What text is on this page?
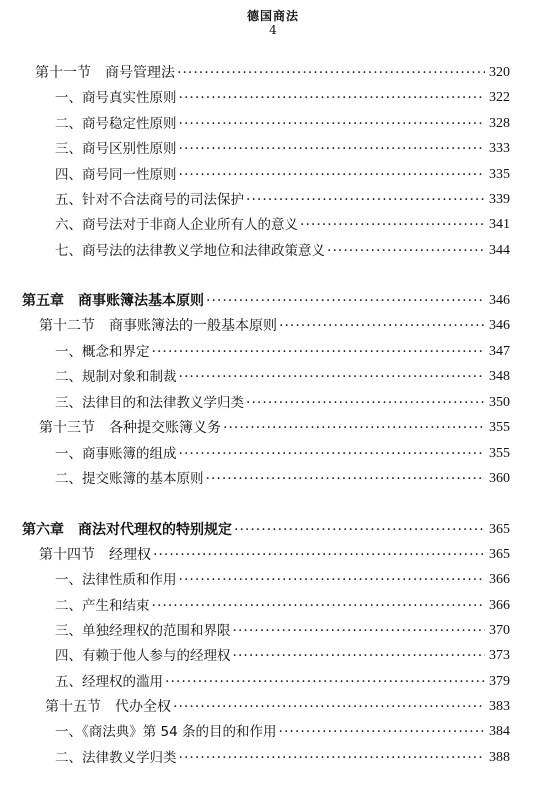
德国商法
4
第十一节　商号管理法 ·····	320
一、商号真实性原则 ·····	322
二、商号稳定性原则 ·····	328
三、商号区别性原则 ·····	333
四、商号同一性原则 ·····	335
五、针对不合法商号的司法保护 ·····	339
六、商号法对于非商人企业所有人的意义 ·····	341
七、商号法的法律教义学地位和法律政策意义 ·····	344
第五章　商事账簿法基本原则 ·····	346
第十二节　商事账簿法的一般基本原则 ·····	346
一、概念和界定 ·····	347
二、规制对象和制裁 ·····	348
三、法律目的和法律教义学归类 ·····	350
第十三节　各种提交账簿义务 ·····	355
一、商事账簿的组成 ·····	355
二、提交账簿的基本原则 ·····	360
第六章　商法对代理权的特别规定 ·····	365
第十四节　经理权 ·····	365
一、法律性质和作用 ·····	366
二、产生和结束 ·····	366
三、单独经理权的范围和界限 ·····	370
四、有赖于他人参与的经理权 ·····	373
五、经理权的滥用 ·····	379
第十五节　代办全权 ·····	383
一、《商法典》第 54 条的目的和作用 ·····	384
二、法律教义学归类 ·····	388
